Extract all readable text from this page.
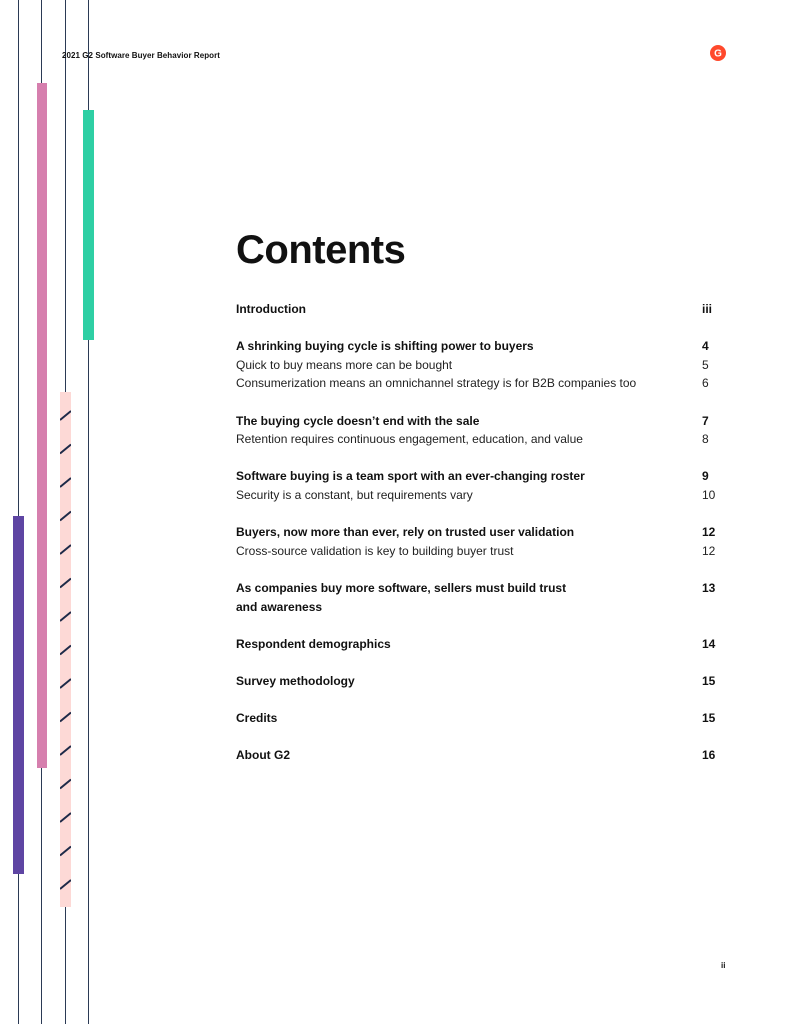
2021 G2 Software Buyer Behavior Report	G
Contents
Introduction	iii
A shrinking buying cycle is shifting power to buyers	4
Quick to buy means more can be bought	5
Consumerization means an omnichannel strategy is for B2B companies too	6
The buying cycle doesn’t end with the sale	7
Retention requires continuous engagement, education, and value	8
Software buying is a team sport with an ever-changing roster	9
Security is a constant, but requirements vary	10
Buyers, now more than ever, rely on trusted user validation	12
Cross-source validation is key to building buyer trust	12
As companies buy more software, sellers must build trust	13
and awareness
Respondent demographics	14
Survey methodology	15
Credits	15
About G2	16
ii
